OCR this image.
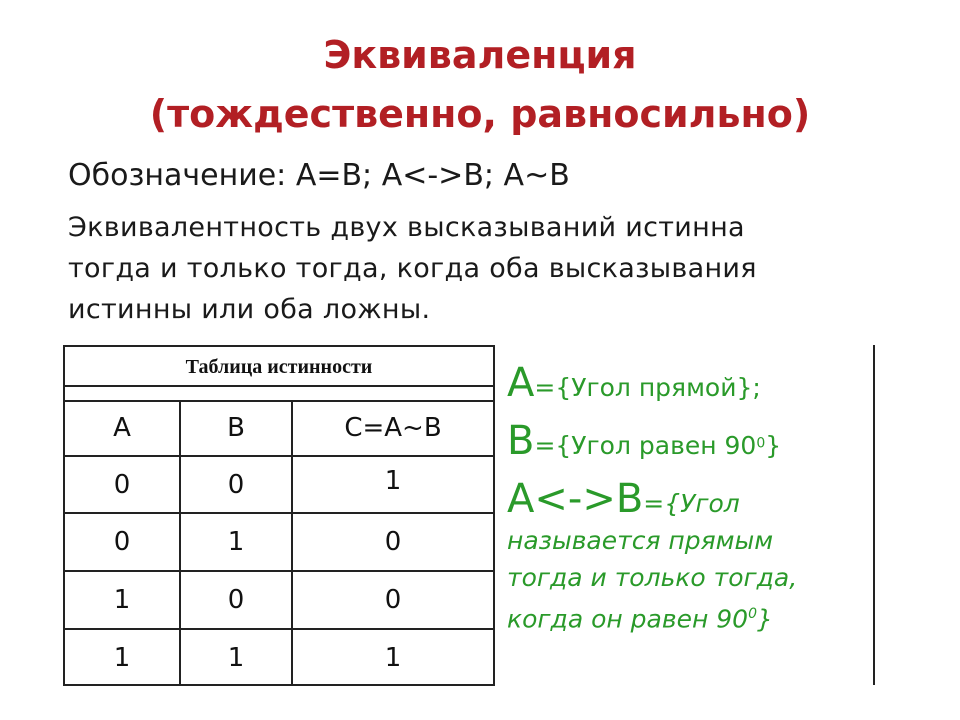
Эквиваленция
(тождественно, равносильно)
Обозначение: A=B; A<->B; A~B
Эквивалентность двух высказываний истинна
тогда и только тогда, когда оба высказывания
истинны или оба ложны.
Таблица истинности
A	B	C=A~B
0	0	1
0	1	0
1	0	0
1	1	1
A={Угол прямой};
B={Угол равен $90^0$}
A<->B={Угол
называется прямым
тогда и только тогда,
когда он равен $90^0$}
